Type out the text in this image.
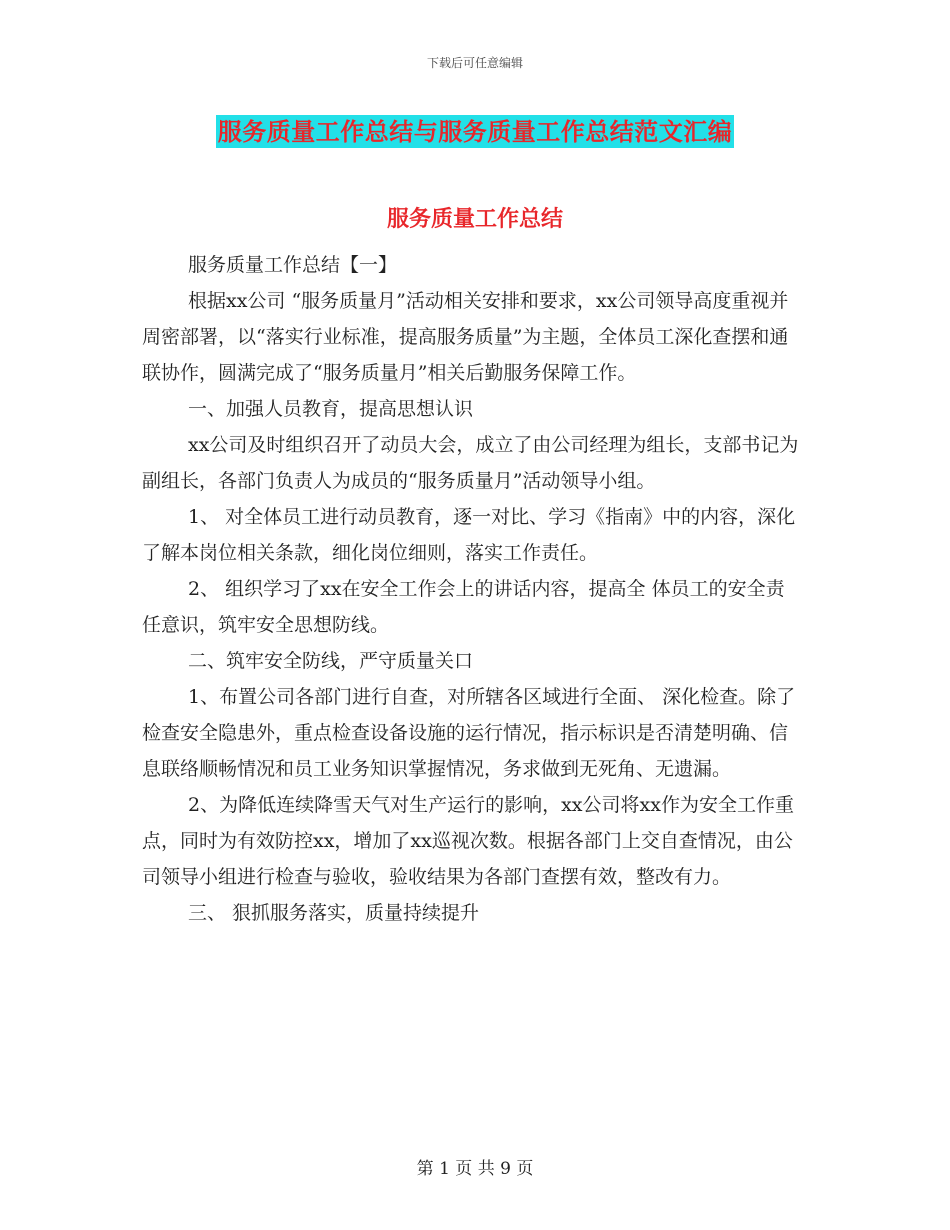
下载后可任意编辑
服务质量工作总结与服务质量工作总结范文汇编
服务质量工作总结

服务质量工作总结【一】

根据xx公司 “服务质量月”活动相关安排和要求，xx公司领导高度重视并周密部署，以“落实行业标准，提高服务质量”为主题，全体员工深化查摆和通联协作，圆满完成了“服务质量月”相关后勤服务保障工作。

一、加强人员教育，提高思想认识

xx公司及时组织召开了动员大会，成立了由公司经理为组长，支部书记为副组长，各部门负责人为成员的“服务质量月”活动领导小组。

1、 对全体员工进行动员教育，逐一对比、学习《指南》中的内容，深化了解本岗位相关条款，细化岗位细则，落实工作责任。

2、 组织学习了xx在安全工作会上的讲话内容，提高全 体员工的安全责任意识，筑牢安全思想防线。

二、筑牢安全防线，严守质量关口

1、布置公司各部门进行自查，对所辖各区域进行全面、 深化检查。除了检查安全隐患外，重点检查设备设施的运行情况，指示标识是否清楚明确、信息联络顺畅情况和员工业务知识掌握情况，务求做到无死角、无遗漏。

2、为降低连续降雪天气对生产运行的影响，xx公司将xx作为安全工作重点，同时为有效防控xx，增加了xx巡视次数。根据各部门上交自查情况，由公司领导小组进行检查与验收，验收结果为各部门查摆有效，整改有力。

三、 狠抓服务落实，质量持续提升

第 1 页 共 9 页
